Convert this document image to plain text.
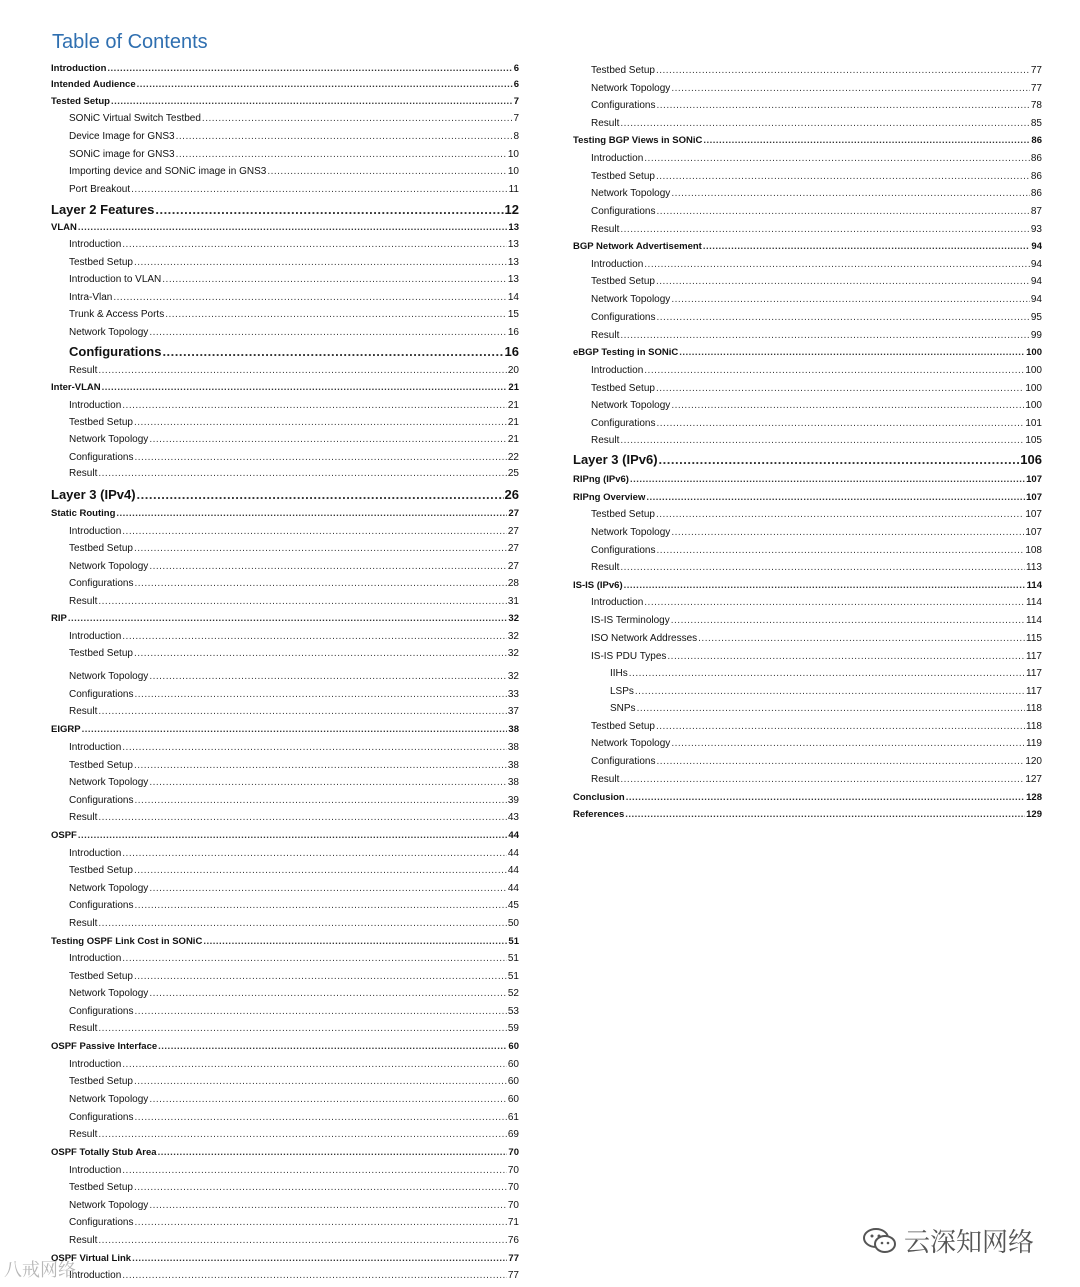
Table of Contents
Introduction .....	6
Intended Audience .....	6
Tested Setup .....	7
SONiC Virtual Switch Testbed .....	7
Device Image for GNS3 .....	8
SONiC image for GNS3 .....	10
Importing device and SONiC image in GNS3 .....	10
Port Breakout .....	11
Layer 2 Features .....	12
VLAN .....	13
Introduction .....	13
Testbed Setup .....	13
Introduction to VLAN .....	13
Intra-Vlan .....	14
Trunk & Access Ports .....	15
Network Topology .....	16
Configurations .....	16
Result .....	20
Inter-VLAN .....	21
Introduction .....	21
Testbed Setup .....	21
Network Topology .....	21
Configurations .....	22
Result .....	25
Layer 3 (IPv4) .....	26
Static Routing .....	27
Introduction .....	27
Testbed Setup .....	27
Network Topology .....	27
Configurations .....	28
Result .....	31
RIP .....	32
Introduction .....	32
Testbed Setup .....	32
Network Topology .....	32
Configurations .....	33
Result .....	37
EIGRP .....	38
Introduction .....	38
Testbed Setup .....	38
Network Topology .....	38
Configurations .....	39
Result .....	43
OSPF .....	44
Introduction .....	44
Testbed Setup .....	44
Network Topology .....	44
Configurations .....	45
Result .....	50
Testing OSPF Link Cost in SONiC .....	51
Introduction .....	51
Testbed Setup .....	51
Network Topology .....	52
Configurations .....	53
Result .....	59
OSPF Passive Interface .....	60
Introduction .....	60
Testbed Setup .....	60
Network Topology .....	60
Configurations .....	61
Result .....	69
OSPF Totally Stub Area .....	70
Introduction .....	70
Testbed Setup .....	70
Network Topology .....	70
Configurations .....	71
Result .....	76
OSPF Virtual Link .....	77
Introduction .....	77
Testbed Setup .....	77
Network Topology .....	77
Configurations .....	78
Result .....	85
Testing BGP Views in SONiC .....	86
Introduction .....	86
Testbed Setup .....	86
Network Topology .....	86
Configurations .....	87
Result .....	93
BGP Network Advertisement .....	94
Introduction .....	94
Testbed Setup .....	94
Network Topology .....	94
Configurations .....	95
Result .....	99
eBGP Testing in SONiC .....	100
Introduction .....	100
Testbed Setup .....	100
Network Topology .....	100
Configurations .....	101
Result .....	105
Layer 3 (IPv6) .....	106
RIPng (IPv6) .....	107
RIPng Overview .....	107
Testbed Setup .....	107
Network Topology .....	107
Configurations .....	108
Result .....	113
IS-IS (IPv6) .....	114
Introduction .....	114
IS-IS Terminology .....	114
ISO Network Addresses .....	115
IS-IS PDU Types .....	117
IIHs .....	117
LSPs .....	117
SNPs .....	118
Testbed Setup .....	118
Network Topology .....	119
Configurations .....	120
Result .....	127
Conclusion .....	128
References .....	129
八戒网络
云深知网络
